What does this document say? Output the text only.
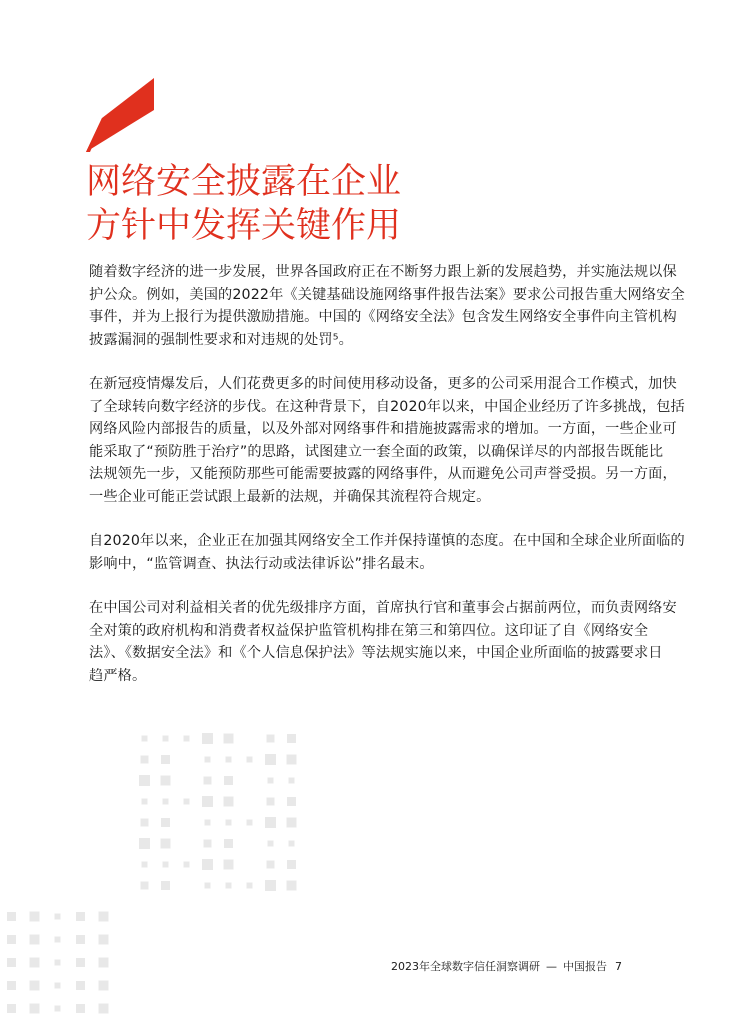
网络安全披露在企业
方针中发挥关键作用

随着数字经济的进一步发展，世界各国政府正在不断努力跟上新的发展趋势，并实施法规以保
护公众。例如，美国的2022年《关键基础设施网络事件报告法案》要求公司报告重大网络安全
事件，并为上报行为提供激励措施。中国的《网络安全法》包含发生网络安全事件向主管机构
披露漏洞的强制性要求和对违规的处罚⁵。

在新冠疫情爆发后，人们花费更多的时间使用移动设备，更多的公司采用混合工作模式，加快
了全球转向数字经济的步伐。在这种背景下，自2020年以来，中国企业经历了许多挑战，包括
网络风险内部报告的质量，以及外部对网络事件和措施披露需求的增加。一方面，一些企业可
能采取了“预防胜于治疗”的思路，试图建立一套全面的政策，以确保详尽的内部报告既能比
法规领先一步，又能预防那些可能需要披露的网络事件，从而避免公司声誉受损。另一方面，
一些企业可能正尝试跟上最新的法规，并确保其流程符合规定。

自2020年以来，企业正在加强其网络安全工作并保持谨慎的态度。在中国和全球企业所面临的
影响中，“监管调查、执法行动或法律诉讼”排名最末。

在中国公司对利益相关者的优先级排序方面，首席执行官和董事会占据前两位，而负责网络安
全对策的政府机构和消费者权益保护监管机构排在第三和第四位。这印证了自《网络安全
法》、《数据安全法》和《个人信息保护法》等法规实施以来，中国企业所面临的披露要求日
趋严格。

2023年全球数字信任洞察调研 — 中国报告 7
